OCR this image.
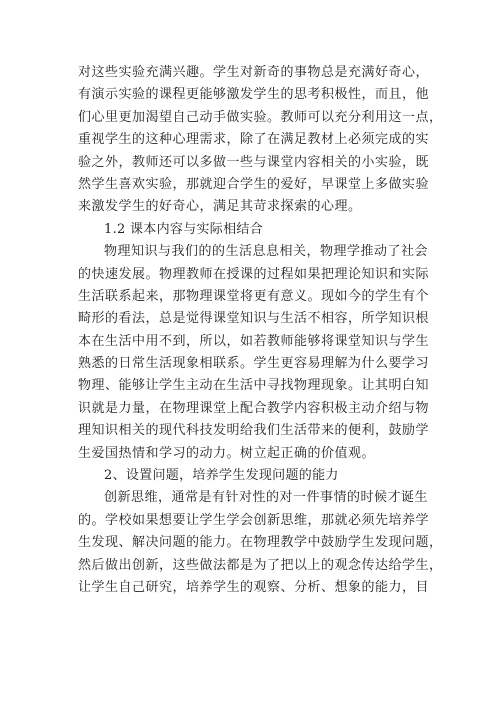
对这些实验充满兴趣。学生对新奇的事物总是充满好奇心，
有演示实验的课程更能够激发学生的思考积极性，而且，他
们心里更加渴望自己动手做实验。教师可以充分利用这一点，
重视学生的这种心理需求，除了在满足教材上必须完成的实
验之外，教师还可以多做一些与课堂内容相关的小实验，既
然学生喜欢实验，那就迎合学生的爱好，早课堂上多做实验
来激发学生的好奇心，满足其苛求探索的心理。
1.2 课本内容与实际相结合
物理知识与我们的的生活息息相关，物理学推动了社会
的快速发展。物理教师在授课的过程如果把理论知识和实际
生活联系起来，那物理课堂将更有意义。现如今的学生有个
畸形的看法，总是觉得课堂知识与生活不相容，所学知识根
本在生活中用不到，所以，如若教师能够将课堂知识与学生
熟悉的日常生活现象相联系。学生更容易理解为什么要学习
物理、能够让学生主动在生活中寻找物理现象。让其明白知
识就是力量，在物理课堂上配合教学内容积极主动介绍与物
理知识相关的现代科技发明给我们生活带来的便利，鼓励学
生爱国热情和学习的动力。树立起正确的价值观。
2、设置问题，培养学生发现问题的能力
创新思维，通常是有针对性的对一件事情的时候才诞生
的。学校如果想要让学生学会创新思维，那就必须先培养学
生发现、解决问题的能力。在物理教学中鼓励学生发现问题，
然后做出创新，这些做法都是为了把以上的观念传达给学生，
让学生自己研究，培养学生的观察、分析、想象的能力，目
